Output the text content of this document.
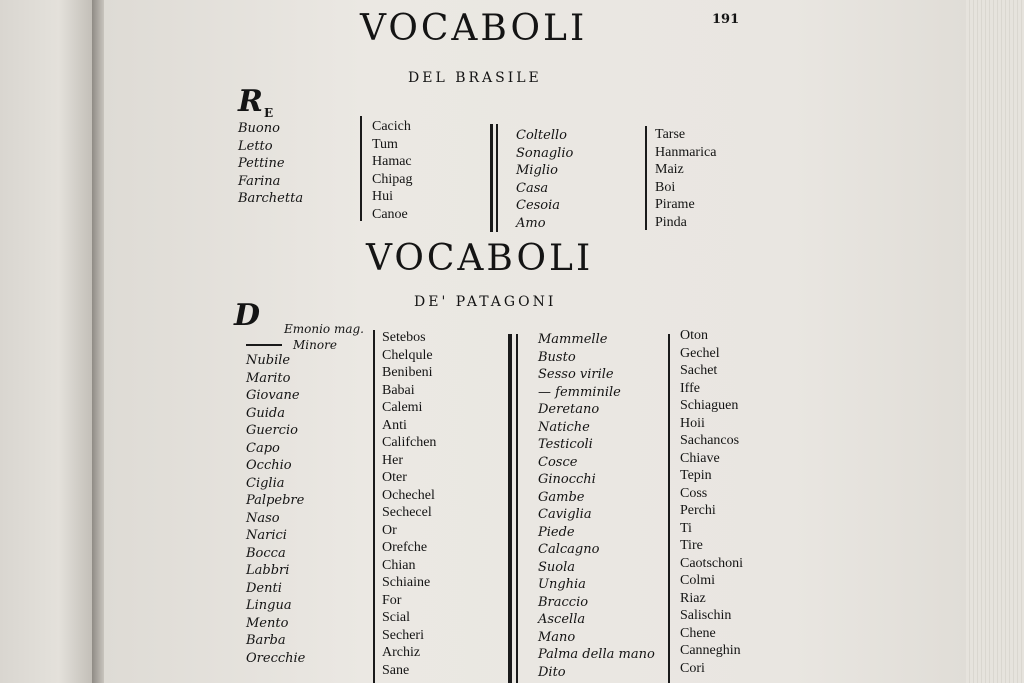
191
VOCABOLI
DEL BRASILE
R E
Buono
Letto
Pettine
Farina
Barchetta
Cacich
Tum
Hamac
Chipag
Hui
Canoe
Coltello
Sonaglio
Miglio
Casa
Cesoia
Amo
Tarse
Hanmarica
Maiz
Boi
Pirame
Pinda
VOCABOLI
DE' PATAGONI
D Emonio mag.
Minore
Nubile
Marito
Giovane
Guida
Guercio
Capo
Occhio
Ciglia
Palpebre
Naso
Narici
Bocca
Labbri
Denti
Lingua
Mento
Barba
Orecchie
Setebos
Chelqule
Benibeni
Babai
Calemi
Anti
Califchen
Her
Oter
Ochechel
Sechecel
Or
Orefche
Chian
Schiaine
For
Scial
Secheri
Archiz
Sane
Mammelle
Busto
Sesso virile
— femminile
Deretano
Natiche
Testicoli
Cosce
Ginocchi
Gambe
Caviglia
Piede
Calcagno
Suola
Unghia
Braccio
Ascella
Mano
Palma della mano
Dito
Oton
Gechel
Sachet
Iffe
Schiaguen
Hoii
Sachancos
Chiave
Tepin
Coss
Perchi
Ti
Tire
Caotschoni
Colmi
Riaz
Salischin
Chene
Canneghin
Cori
